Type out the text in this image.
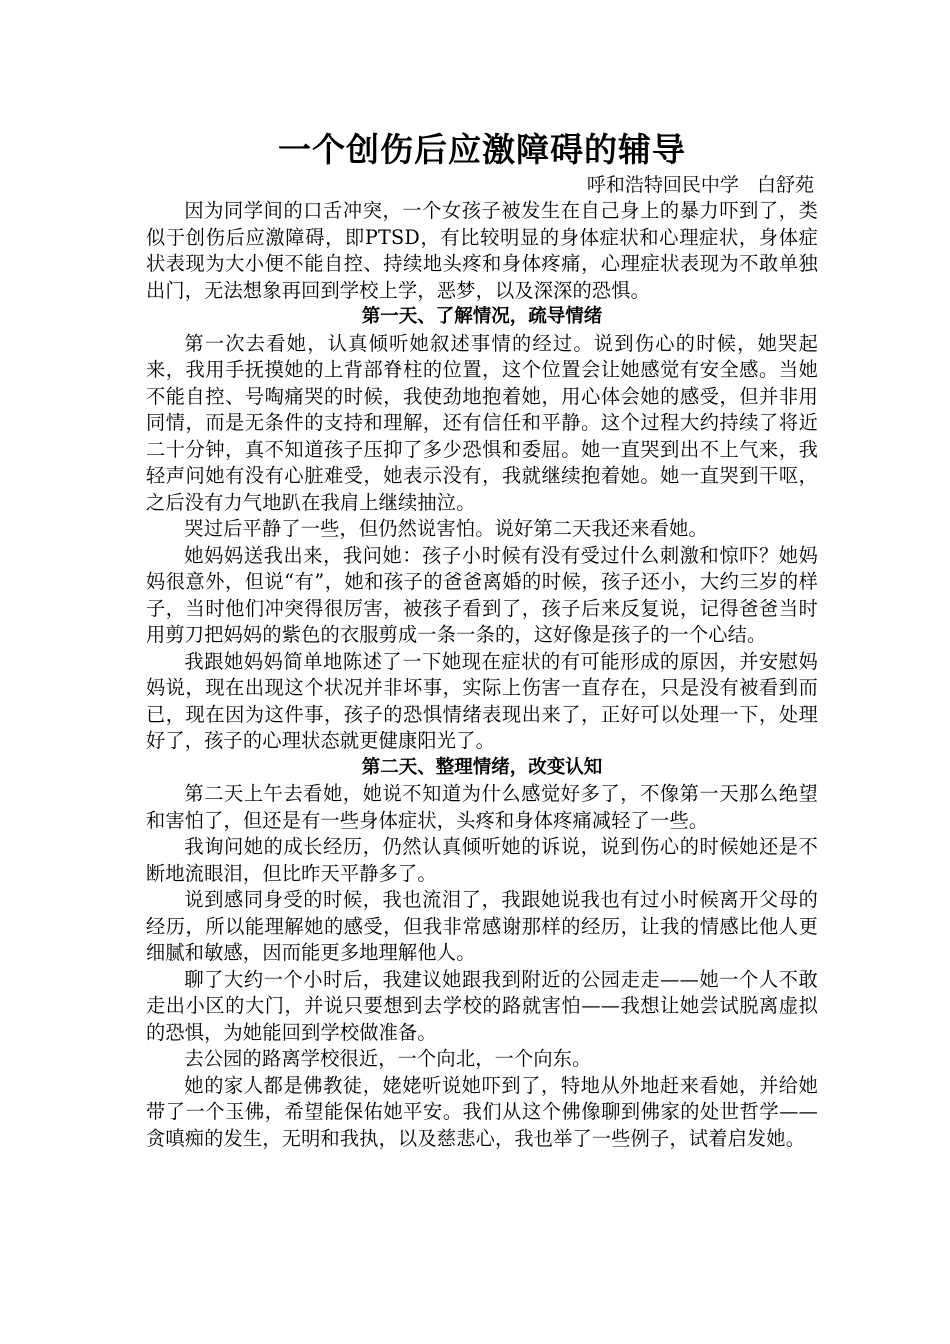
一个创伤后应激障碍的辅导

呼和浩特回民中学   白舒苑

因为同学间的口舌冲突，一个女孩子被发生在自己身上的暴力吓到了，类似于创伤后应激障碍，即PTSD，有比较明显的身体症状和心理症状，身体症状表现为大小便不能自控、持续地头疼和身体疼痛，心理症状表现为不敢单独出门，无法想象再回到学校上学，恶梦，以及深深的恐惧。

第一天、了解情况，疏导情绪

第一次去看她，认真倾听她叙述事情的经过。说到伤心的时候，她哭起来，我用手抚摸她的上背部脊柱的位置，这个位置会让她感觉有安全感。当她不能自控、号啕痛哭的时候，我使劲地抱着她，用心体会她的感受，但并非用同情，而是无条件的支持和理解，还有信任和平静。这个过程大约持续了将近二十分钟，真不知道孩子压抑了多少恐惧和委屈。她一直哭到出不上气来，我轻声问她有没有心脏难受，她表示没有，我就继续抱着她。她一直哭到干呕，之后没有力气地趴在我肩上继续抽泣。

哭过后平静了一些，但仍然说害怕。说好第二天我还来看她。

她妈妈送我出来，我问她：孩子小时候有没有受过什么刺激和惊吓？她妈妈很意外，但说“有”，她和孩子的爸爸离婚的时候，孩子还小，大约三岁的样子，当时他们冲突得很厉害，被孩子看到了，孩子后来反复说，记得爸爸当时用剪刀把妈妈的紫色的衣服剪成一条一条的，这好像是孩子的一个心结。

我跟她妈妈简单地陈述了一下她现在症状的有可能形成的原因，并安慰妈妈说，现在出现这个状况并非坏事，实际上伤害一直存在，只是没有被看到而已，现在因为这件事，孩子的恐惧情绪表现出来了，正好可以处理一下，处理好了，孩子的心理状态就更健康阳光了。

第二天、整理情绪，改变认知

第二天上午去看她，她说不知道为什么感觉好多了，不像第一天那么绝望和害怕了，但还是有一些身体症状，头疼和身体疼痛减轻了一些。

我询问她的成长经历，仍然认真倾听她的诉说，说到伤心的时候她还是不断地流眼泪，但比昨天平静多了。

说到感同身受的时候，我也流泪了，我跟她说我也有过小时候离开父母的经历，所以能理解她的感受，但我非常感谢那样的经历，让我的情感比他人更细腻和敏感，因而能更多地理解他人。

聊了大约一个小时后，我建议她跟我到附近的公园走走——她一个人不敢走出小区的大门，并说只要想到去学校的路就害怕——我想让她尝试脱离虚拟的恐惧，为她能回到学校做准备。

去公园的路离学校很近，一个向北，一个向东。

她的家人都是佛教徒，姥姥听说她吓到了，特地从外地赶来看她，并给她带了一个玉佛，希望能保佑她平安。我们从这个佛像聊到佛家的处世哲学——贪嗔痴的发生，无明和我执，以及慈悲心，我也举了一些例子，试着启发她。
